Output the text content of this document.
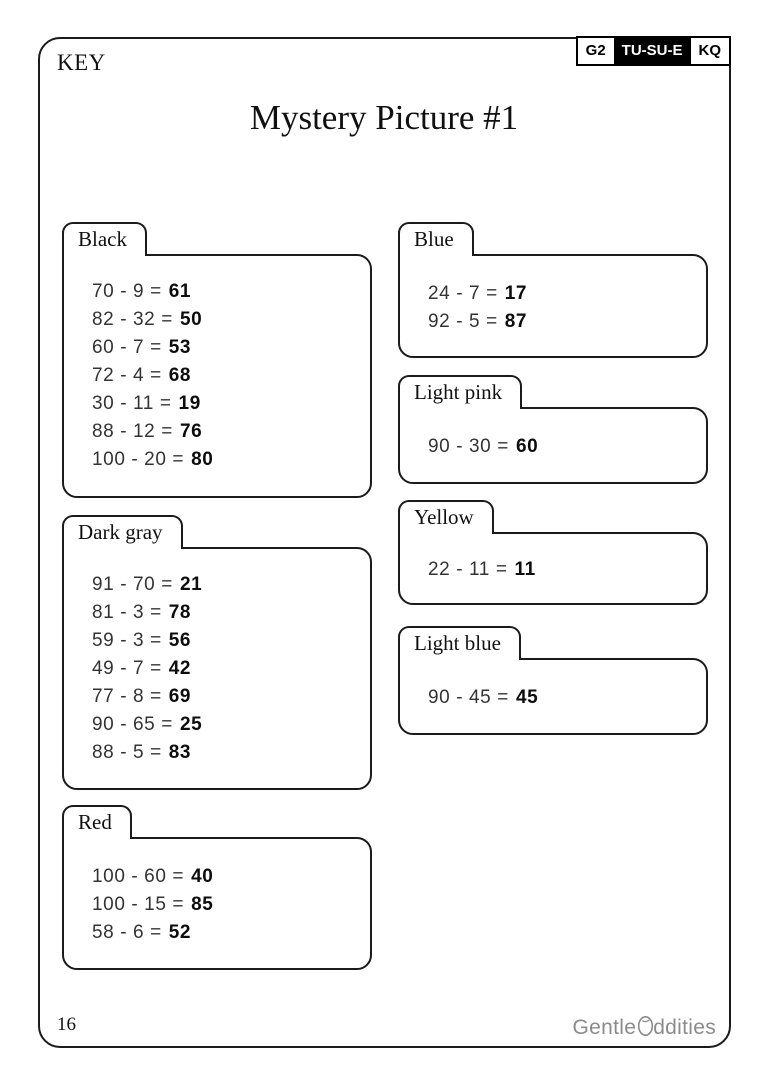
KEY	G2	TU-SU-E	KQ
Mystery Picture #1
Black
70 - 9 = 61
82 - 32 = 50
60 - 7 = 53
72 - 4 = 68
30 - 11 = 19
88 - 12 = 76
100 - 20 = 80
Dark gray
91 - 70 = 21
81 - 3 = 78
59 - 3 = 56
49 - 7 = 42
77 - 8 = 69
90 - 65 = 25
88 - 5 = 83
Red
100 - 60 = 40
100 - 15 = 85
58 - 6 = 52
Blue
24 - 7 = 17
92 - 5 = 87
Light pink
90 - 30 = 60
Yellow
22 - 11 = 11
Light blue
90 - 45 = 45
16	Gentle ddities
